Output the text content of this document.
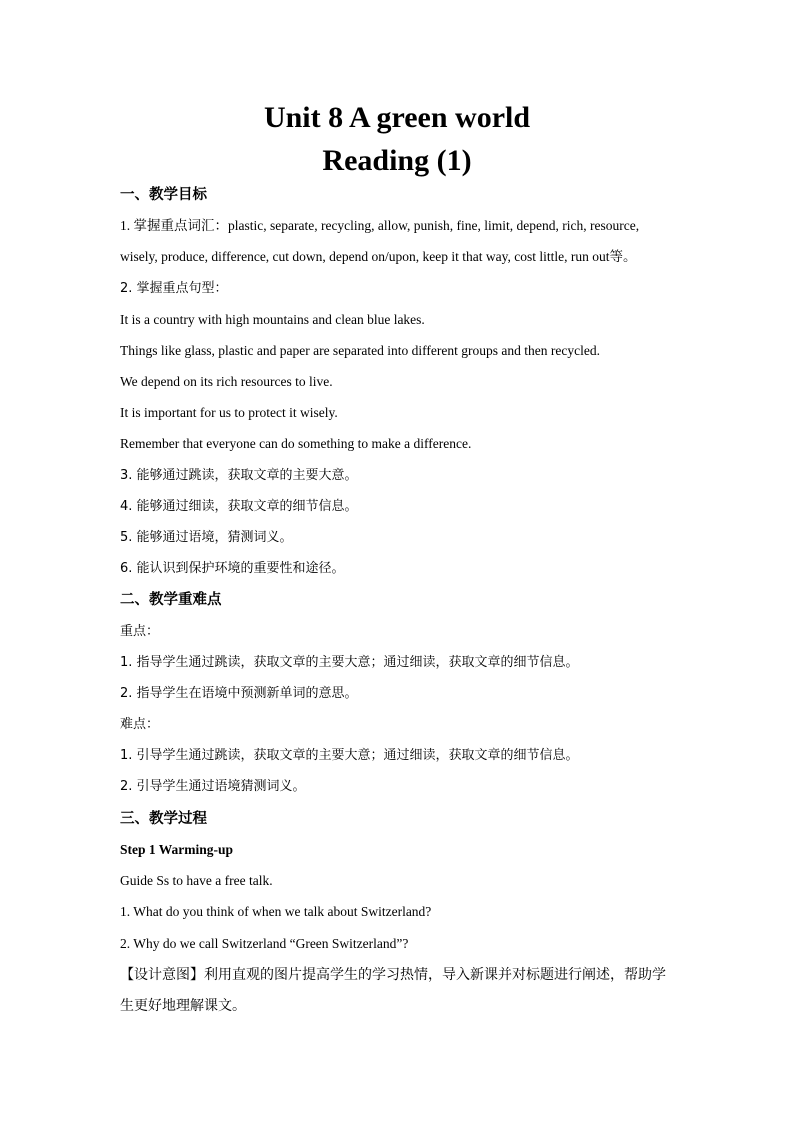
Unit 8 A green world
Reading (1)
一、教学目标
1. 掌握重点词汇：plastic, separate, recycling, allow, punish, fine, limit, depend, rich, resource,
wisely, produce, difference, cut down, depend on/upon, keep it that way, cost little, run out等。
2. 掌握重点句型：
It is a country with high mountains and clean blue lakes.
Things like glass, plastic and paper are separated into different groups and then recycled.
We depend on its rich resources to live.
It is important for us to protect it wisely.
Remember that everyone can do something to make a difference.
3. 能够通过跳读，获取文章的主要大意。
4. 能够通过细读，获取文章的细节信息。
5. 能够通过语境，猜测词义。
6. 能认识到保护环境的重要性和途径。
二、教学重难点
重点：
1. 指导学生通过跳读，获取文章的主要大意；通过细读，获取文章的细节信息。
2. 指导学生在语境中预测新单词的意思。
难点：
1. 引导学生通过跳读，获取文章的主要大意；通过细读，获取文章的细节信息。
2. 引导学生通过语境猜测词义。
三、教学过程
Step 1 Warming-up
Guide Ss to have a free talk.
1. What do you think of when we talk about Switzerland?
2. Why do we call Switzerland “Green Switzerland”?
【设计意图】利用直观的图片提高学生的学习热情，导入新课并对标题进行阐述，帮助学
生更好地理解课文。
